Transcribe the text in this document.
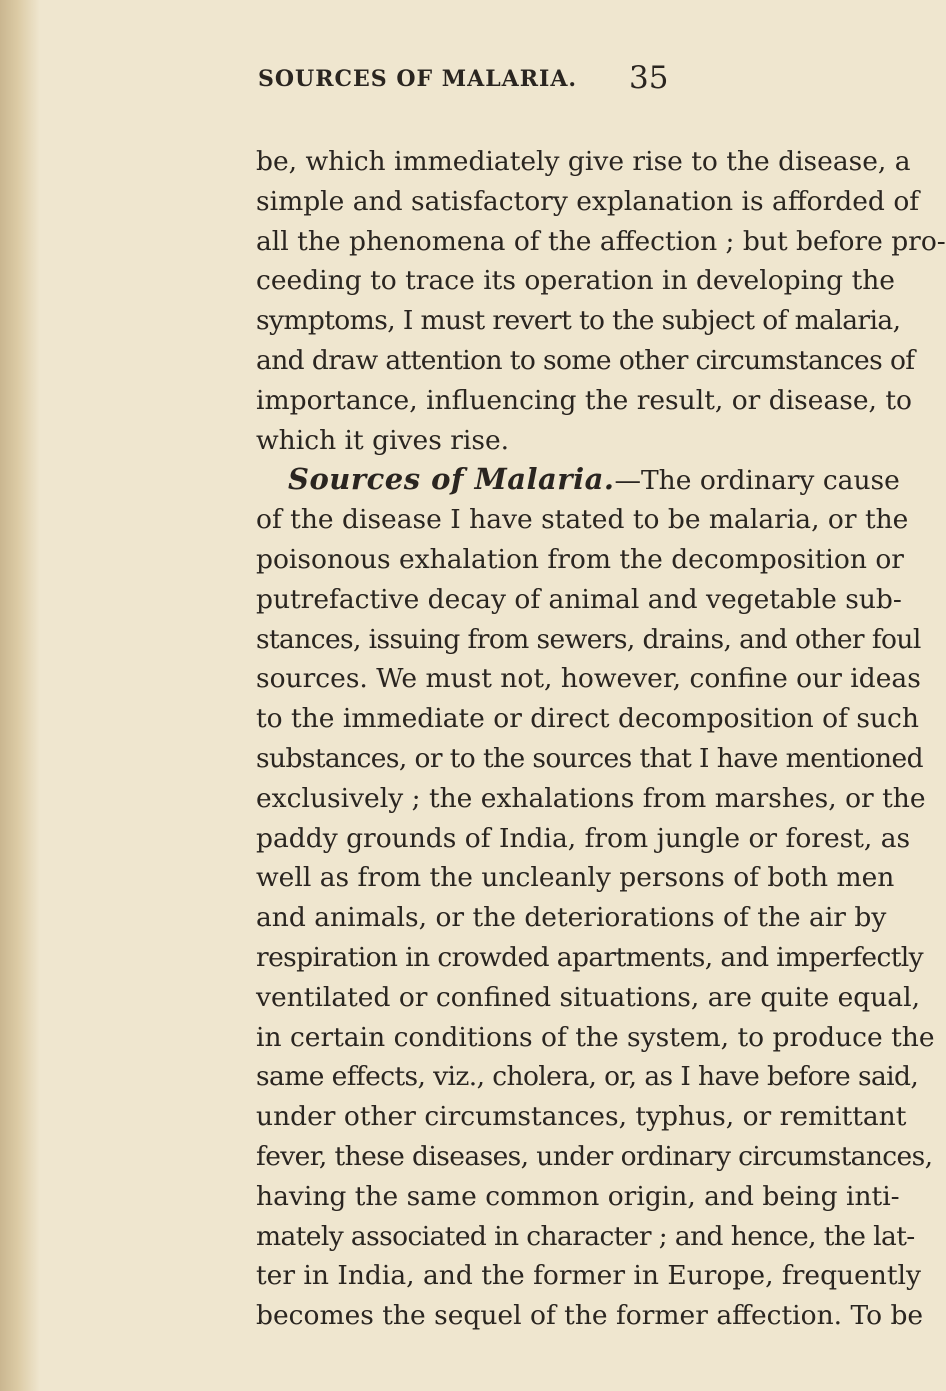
SOURCES OF MALARIA. 35
be, which immediately give rise to the disease, a
simple and satisfactory explanation is afforded of
all the phenomena of the affection ; but before pro-
ceeding to trace its operation in developing the
symptoms, I must revert to the subject of malaria,
and draw attention to some other circumstances of
importance, influencing the result, or disease, to
which it gives rise.
Sources of Malaria.—The ordinary cause
of the disease I have stated to be malaria, or the
poisonous exhalation from the decomposition or
putrefactive decay of animal and vegetable sub-
stances, issuing from sewers, drains, and other foul
sources. We must not, however, confine our ideas
to the immediate or direct decomposition of such
substances, or to the sources that I have mentioned
exclusively ; the exhalations from marshes, or the
paddy grounds of India, from jungle or forest, as
well as from the uncleanly persons of both men
and animals, or the deteriorations of the air by
respiration in crowded apartments, and imperfectly
ventilated or confined situations, are quite equal,
in certain conditions of the system, to produce the
same effects, viz., cholera, or, as I have before said,
under other circumstances, typhus, or remittant
fever, these diseases, under ordinary circumstances,
having the same common origin, and being inti-
mately associated in character ; and hence, the lat-
ter in India, and the former in Europe, frequently
becomes the sequel of the former affection. To be
